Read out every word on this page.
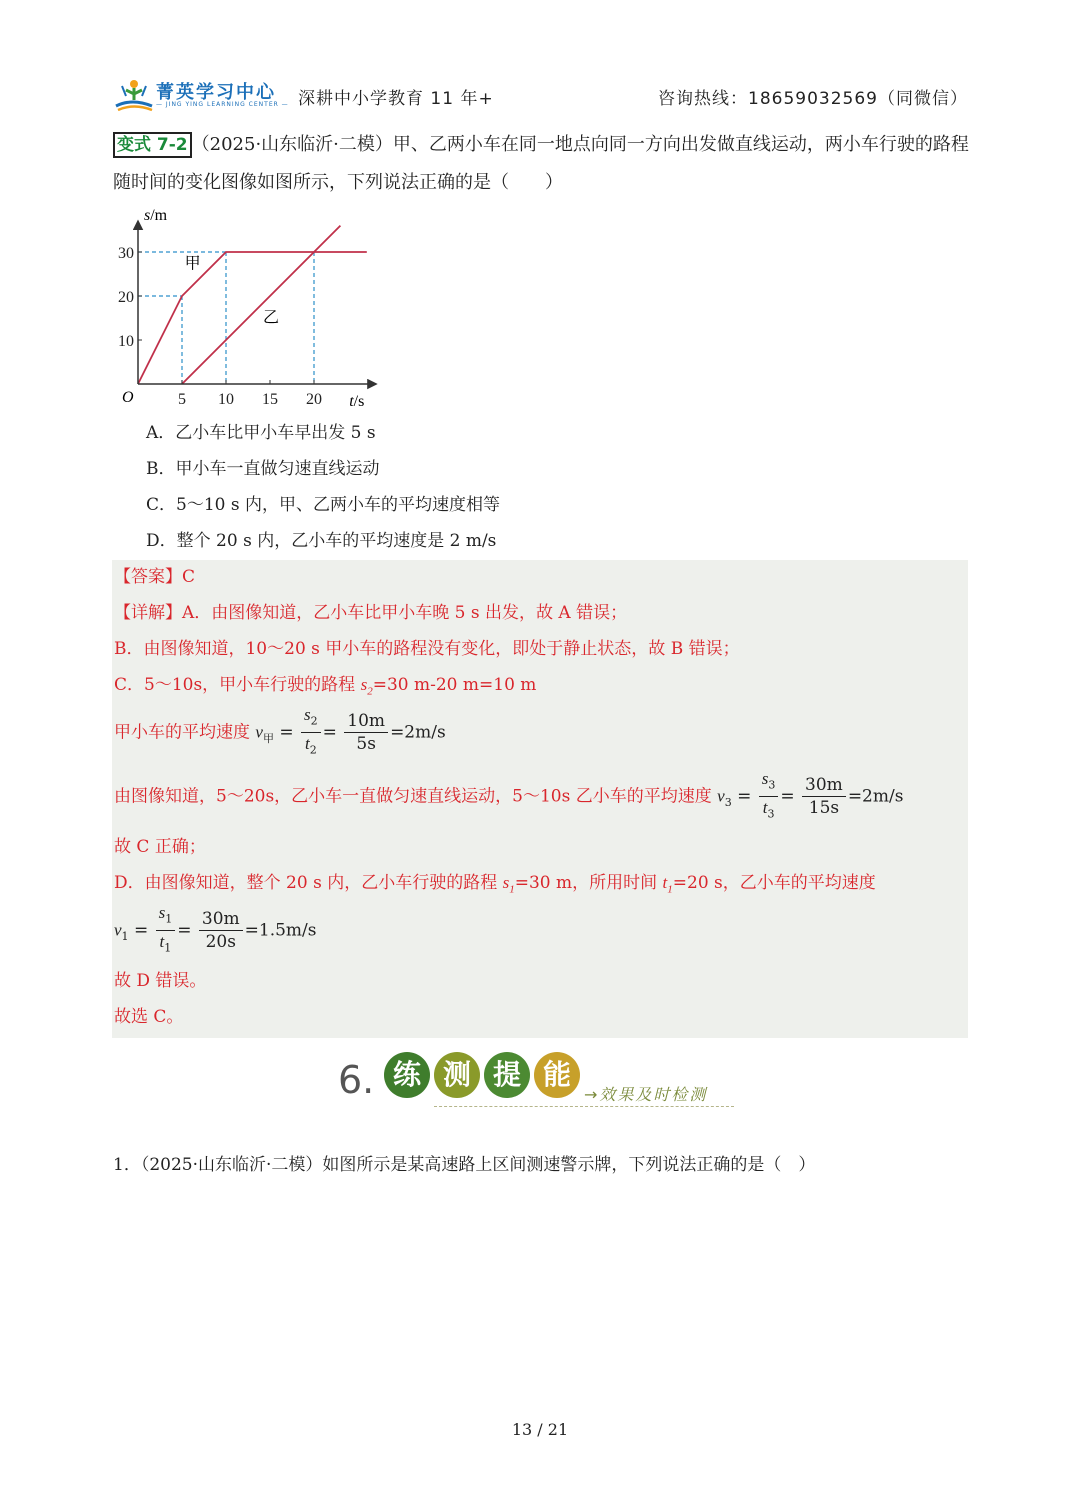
菁英学习中心
— JING YING LEARNING CENTER — 深耕中小学教育 11 年+	咨询热线：18659032569（同微信）
变式 7-2 （2025·山东临沂·二模）甲、乙两小车在同一地点向同一方向出发做直线运动，两小车行驶的路程
随时间的变化图像如图所示，下列说法正确的是（　　）
5 10 15 20
10
20
30
s/m
t/s
O
甲
乙
A．乙小车比甲小车早出发 5 s
B．甲小车一直做匀速直线运动
C．5～10 s 内，甲、乙两小车的平均速度相等
D．整个 20 s 内，乙小车的平均速度是 2 m/s
【答案】C
【详解】A．由图像知道，乙小车比甲小车晚 5 s 出发，故 A 错误；
B．由图像知道，10～20 s 甲小车的路程没有变化，即处于静止状态，故 B 错误；
C．5～10s，甲小车行驶的路程 $s_2=30$ m-20 m=10 m
甲小车的平均速度 $v_甲 = \frac{s_2}{t_2} = \frac{10m}{5s} =2m/s$
由图像知道，5～20s，乙小车一直做匀速直线运动，5～10s 乙小车的平均速度 $v_3 = \frac{s_3}{t_3} = \frac{30m}{15s} =2m/s$
故 C 正确；
D．由图像知道，整个 20 s 内，乙小车行驶的路程 $s_1=30$ m，所用时间 $t_1=20$ s，乙小车的平均速度
$v_1 = \frac{s_1}{t_1} = \frac{30m}{20s} =1.5m/s$
故 D 错误。
故选 C。
6. 练 测 提 能
→效果及时检测
1．（2025·山东临沂·二模）如图所示是某高速路上区间测速警示牌，下列说法正确的是（　）
13 / 21
